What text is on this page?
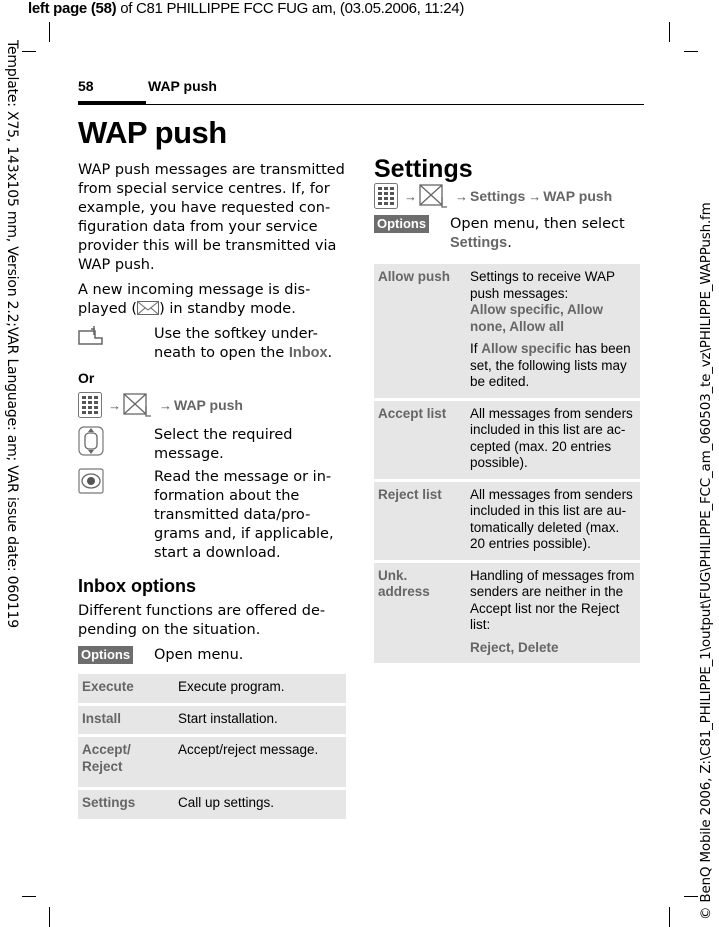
left page (58) of C81 PHILLIPPE FCC FUG am, (03.05.2006, 11:24)
Template: X75, 143x105 mm, Version 2.2;VAR Language: am; VAR issue date: 060119	© BenQ Mobile 2006, Z:\C81_PHILIPPE_1\output\FUG\PHILIPPE_FCC_am_060503_te_vz\PHILIPPE_WAPPush.fm
58	WAP push
WAP push

WAP push messages are transmitted from special service centres. If, for example, you have requested con-figuration data from your service provider this will be transmitted via WAP push.

A new incoming message is dis-played ( ) in standby mode.

Use the softkey under-neath to open the Inbox.
Or
→	→ WAP push
Select the required message.
Read the message or in-formation about the transmitted data/pro-grams and, if applicable, start a download.
Inbox options

Different functions are offered de-pending on the situation.

Options	Open menu.
Execute	Execute program.
Install	Start installation.
Accept/ Reject	Accept/reject message.
Settings	Call up settings.
Settings
→	→ Settings → WAP push
Options	Open menu, then select Settings.
Allow push	Settings to receive WAP push messages:
Allow specific, Allow none, Allow all
If Allow specific has been set, the following lists may be edited.

Accept list	All messages from senders included in this list are ac-cepted (max. 20 entries possible).
Reject list	All messages from senders included in this list are au-tomatically deleted (max. 20 entries possible).
Unk. address	Handling of messages from senders are neither in the Accept list nor the Reject list:
Reject, Delete
